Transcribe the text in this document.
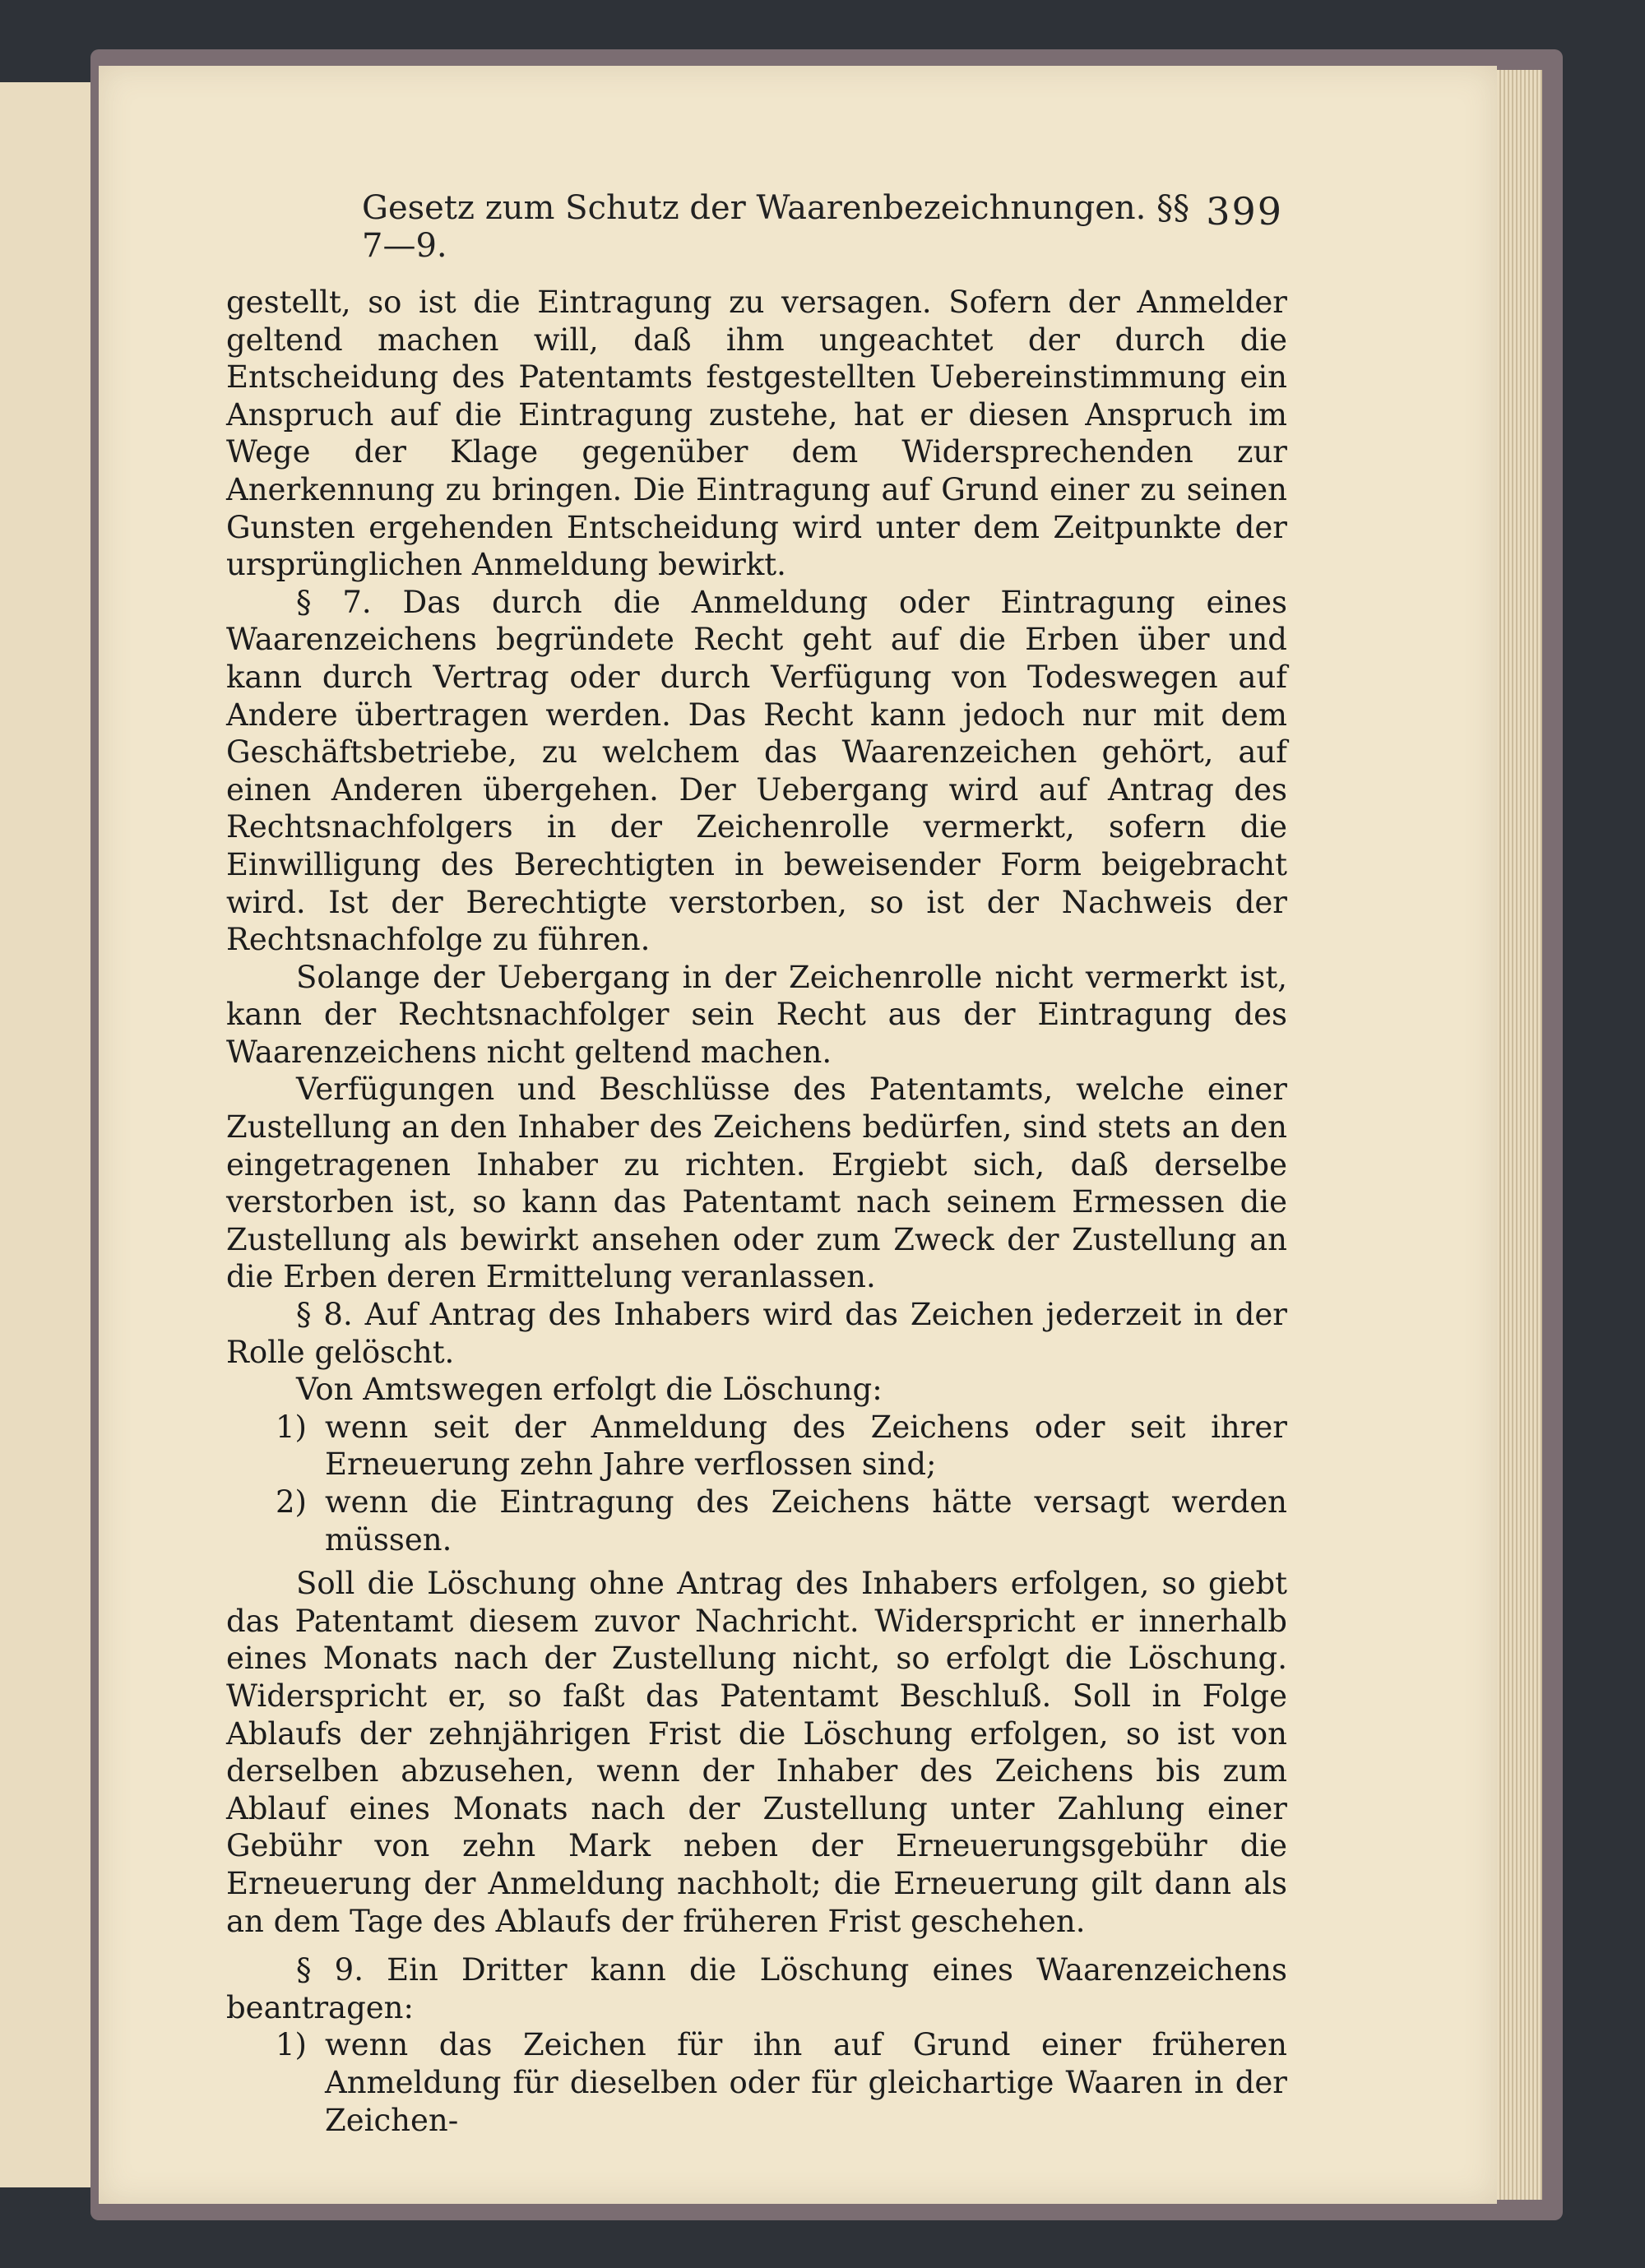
Gesetz zum Schutz der Waarenbezeichnungen. §§ 7—9.
399

gestellt, so ist die Eintragung zu versagen. Sofern der Anmelder geltend machen will, daß ihm ungeachtet der durch die Entscheidung des Patentamts festgestellten Uebereinstimmung ein Anspruch auf die Eintragung zustehe, hat er diesen Anspruch im Wege der Klage gegenüber dem Widersprechenden zur Anerkennung zu bringen. Die Eintragung auf Grund einer zu seinen Gunsten ergehenden Entscheidung wird unter dem Zeitpunkte der ursprünglichen Anmeldung bewirkt.

§ 7. Das durch die Anmeldung oder Eintragung eines Waarenzeichens begründete Recht geht auf die Erben über und kann durch Vertrag oder durch Verfügung von Todeswegen auf Andere übertragen werden. Das Recht kann jedoch nur mit dem Geschäftsbetriebe, zu welchem das Waarenzeichen gehört, auf einen Anderen übergehen. Der Uebergang wird auf Antrag des Rechtsnachfolgers in der Zeichenrolle vermerkt, sofern die Einwilligung des Berechtigten in beweisender Form beigebracht wird. Ist der Berechtigte verstorben, so ist der Nachweis der Rechtsnachfolge zu führen.

Solange der Uebergang in der Zeichenrolle nicht vermerkt ist, kann der Rechtsnachfolger sein Recht aus der Eintragung des Waarenzeichens nicht geltend machen.

Verfügungen und Beschlüsse des Patentamts, welche einer Zustellung an den Inhaber des Zeichens bedürfen, sind stets an den eingetragenen Inhaber zu richten. Ergiebt sich, daß derselbe verstorben ist, so kann das Patentamt nach seinem Ermessen die Zustellung als bewirkt ansehen oder zum Zweck der Zustellung an die Erben deren Ermittelung veranlassen.

§ 8. Auf Antrag des Inhabers wird das Zeichen jederzeit in der Rolle gelöscht.

Von Amtswegen erfolgt die Löschung:

1) wenn seit der Anmeldung des Zeichens oder seit ihrer Erneuerung zehn Jahre verflossen sind;

2) wenn die Eintragung des Zeichens hätte versagt werden müssen.

Soll die Löschung ohne Antrag des Inhabers erfolgen, so giebt das Patentamt diesem zuvor Nachricht. Widerspricht er innerhalb eines Monats nach der Zustellung nicht, so erfolgt die Löschung. Widerspricht er, so faßt das Patentamt Beschluß. Soll in Folge Ablaufs der zehnjährigen Frist die Löschung erfolgen, so ist von derselben abzusehen, wenn der Inhaber des Zeichens bis zum Ablauf eines Monats nach der Zustellung unter Zahlung einer Gebühr von zehn Mark neben der Erneuerungsgebühr die Erneuerung der Anmeldung nachholt; die Erneuerung gilt dann als an dem Tage des Ablaufs der früheren Frist geschehen.

§ 9. Ein Dritter kann die Löschung eines Waarenzeichens beantragen:

1) wenn das Zeichen für ihn auf Grund einer früheren Anmeldung für dieselben oder für gleichartige Waaren in der Zeichen-
